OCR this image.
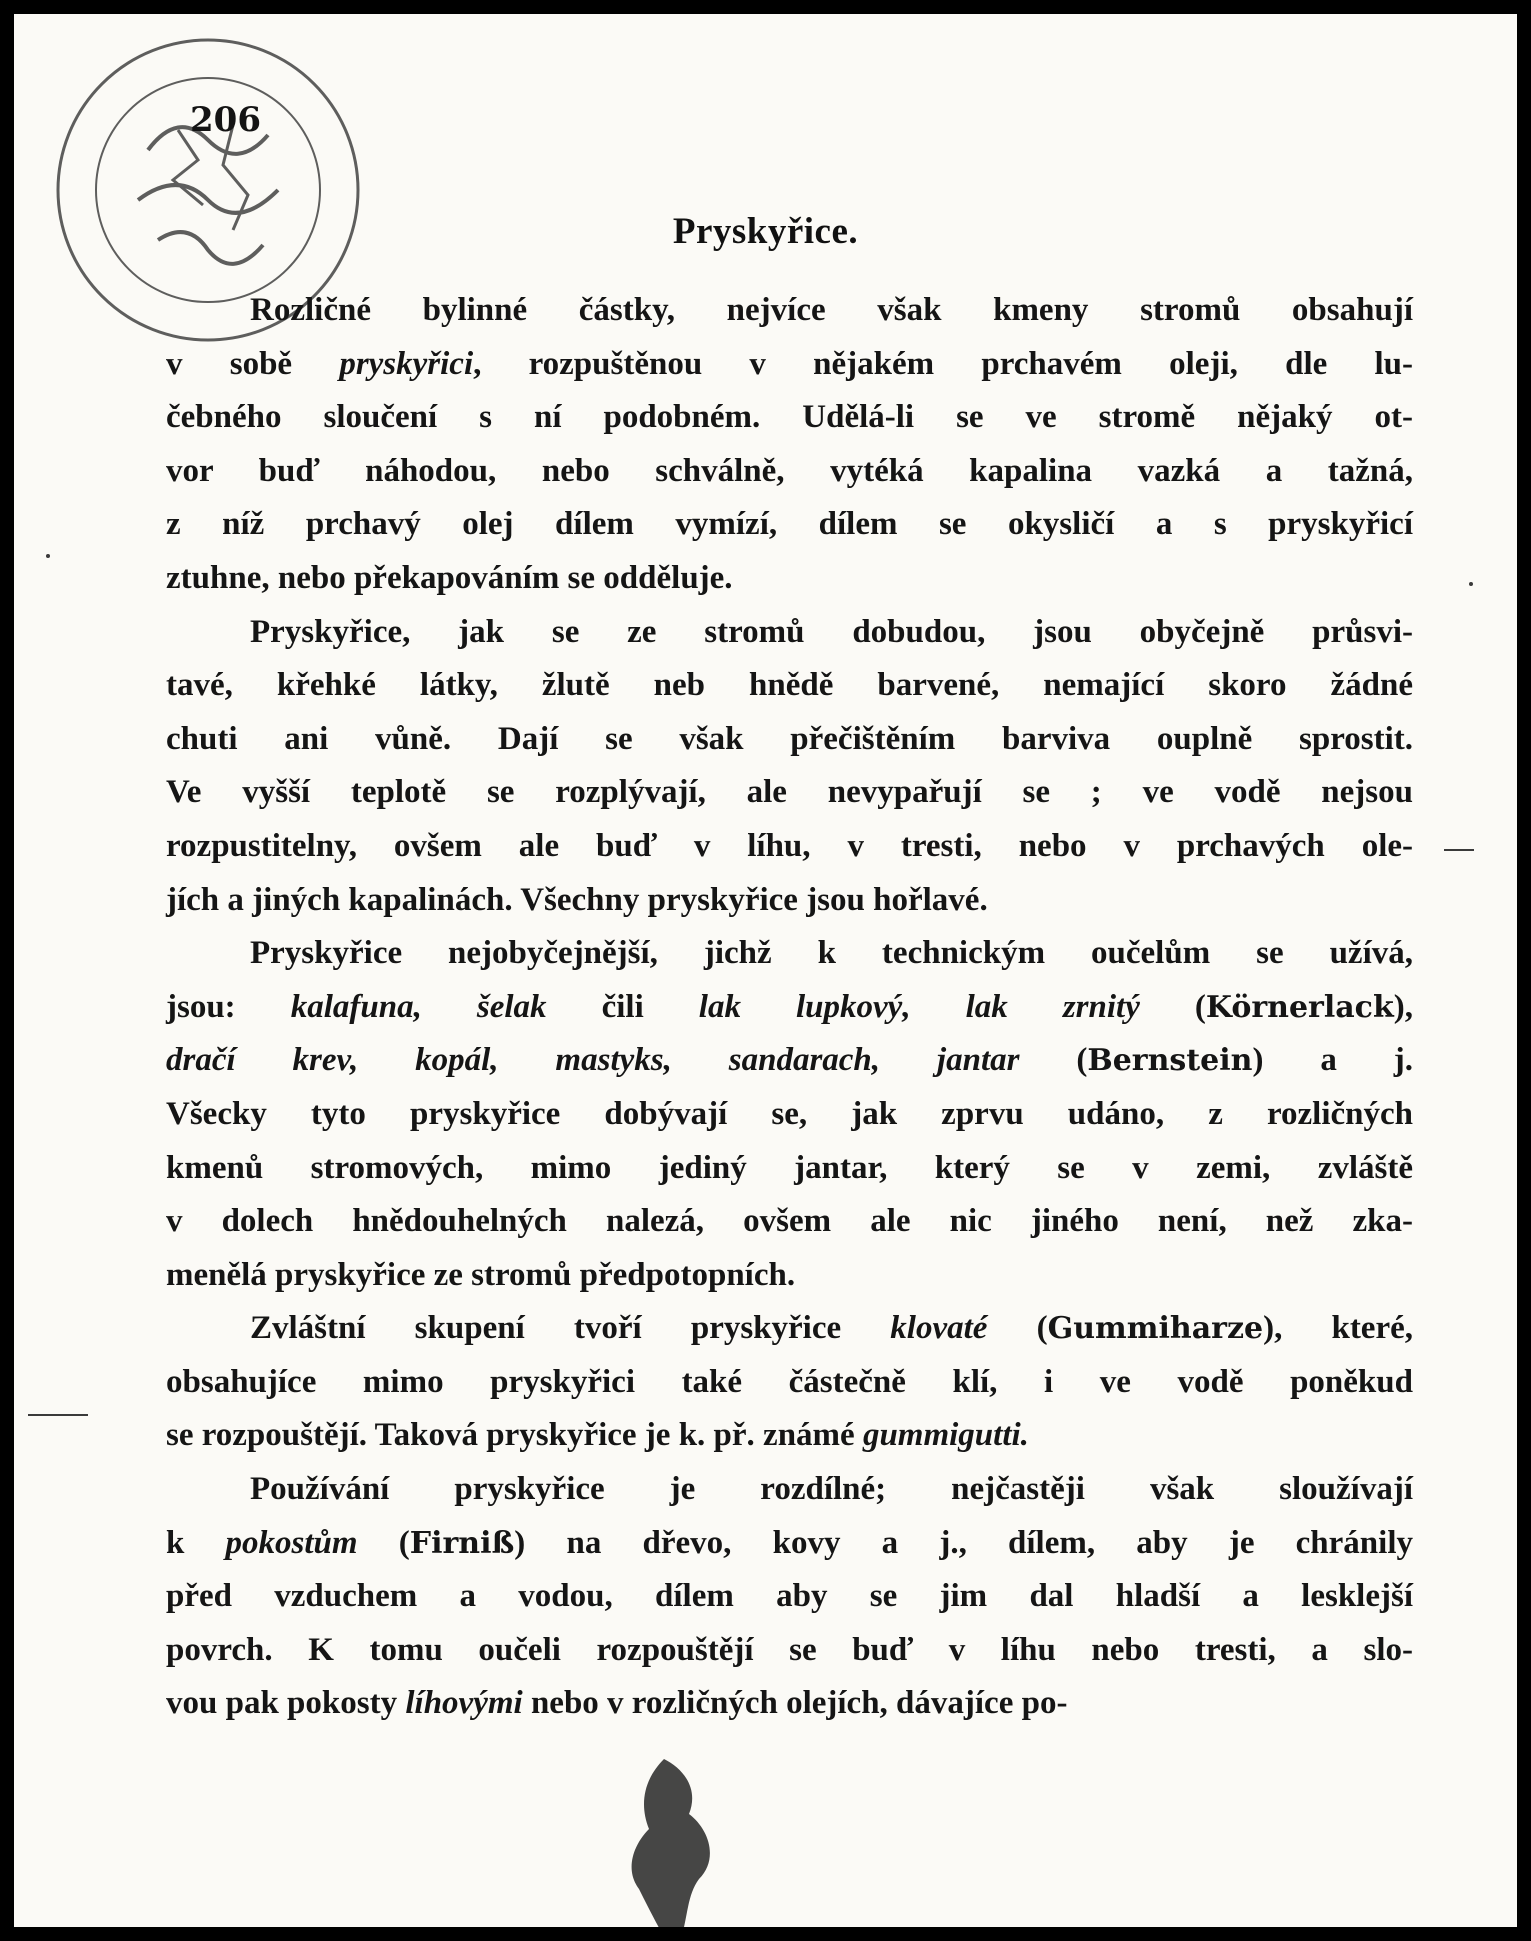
206
Pryskyřice.
Rozličné bylinné částky, nejvíce však kmeny stromů obsahují
v sobě pryskyřici, rozpuštěnou v nějakém prchavém oleji, dle lu-
čebného sloučení s ní podobném. Udělá-li se ve stromě nějaký ot-
vor buď náhodou, nebo schválně, vytéká kapalina vazká a tažná,
z níž prchavý olej dílem vymízí, dílem se okysličí a s pryskyřicí
ztuhne, nebo překapováním se odděluje.
Pryskyřice, jak se ze stromů dobudou, jsou obyčejně průsvi-
tavé, křehké látky, žlutě neb hnědě barvené, nemající skoro žádné
chuti ani vůně. Dají se však přečištěním barviva ouplně sprostit.
Ve vyšší teplotě se rozplývají, ale nevypařují se ; ve vodě nejsou
rozpustitelny, ovšem ale buď v líhu, v tresti, nebo v prchavých ole-
jích a jiných kapalinách. Všechny pryskyřice jsou hořlavé.
Pryskyřice nejobyčejnější, jichž k technickým oučelům se užívá,
jsou: kalafuna, šelak čili lak lupkový, lak zrnitý (Körnerlack),
dračí krev, kopál, mastyks, sandarach, jantar (Bernstein) a j.
Všecky tyto pryskyřice dobývají se, jak zprvu udáno, z rozličných
kmenů stromových, mimo jediný jantar, který se v zemi, zvláště
v dolech hnědouhelných nalezá, ovšem ale nic jiného není, než zka-
menělá pryskyřice ze stromů předpotopních.
Zvláštní skupení tvoří pryskyřice klovaté (Gummiharze), které,
obsahujíce mimo pryskyřici také částečně klí, i ve vodě poněkud
se rozpouštějí. Taková pryskyřice je k. př. známé gummigutti.
Používání pryskyřice je rozdílné; nejčastěji však sloužívají
k pokostům (Firniß) na dřevo, kovy a j., dílem, aby je chránily
před vzduchem a vodou, dílem aby se jim dal hladší a lesklejší
povrch. K tomu oučeli rozpouštějí se buď v líhu nebo tresti, a slo-
vou pak pokosty líhovými nebo v rozličných olejích, dávajíce po-
